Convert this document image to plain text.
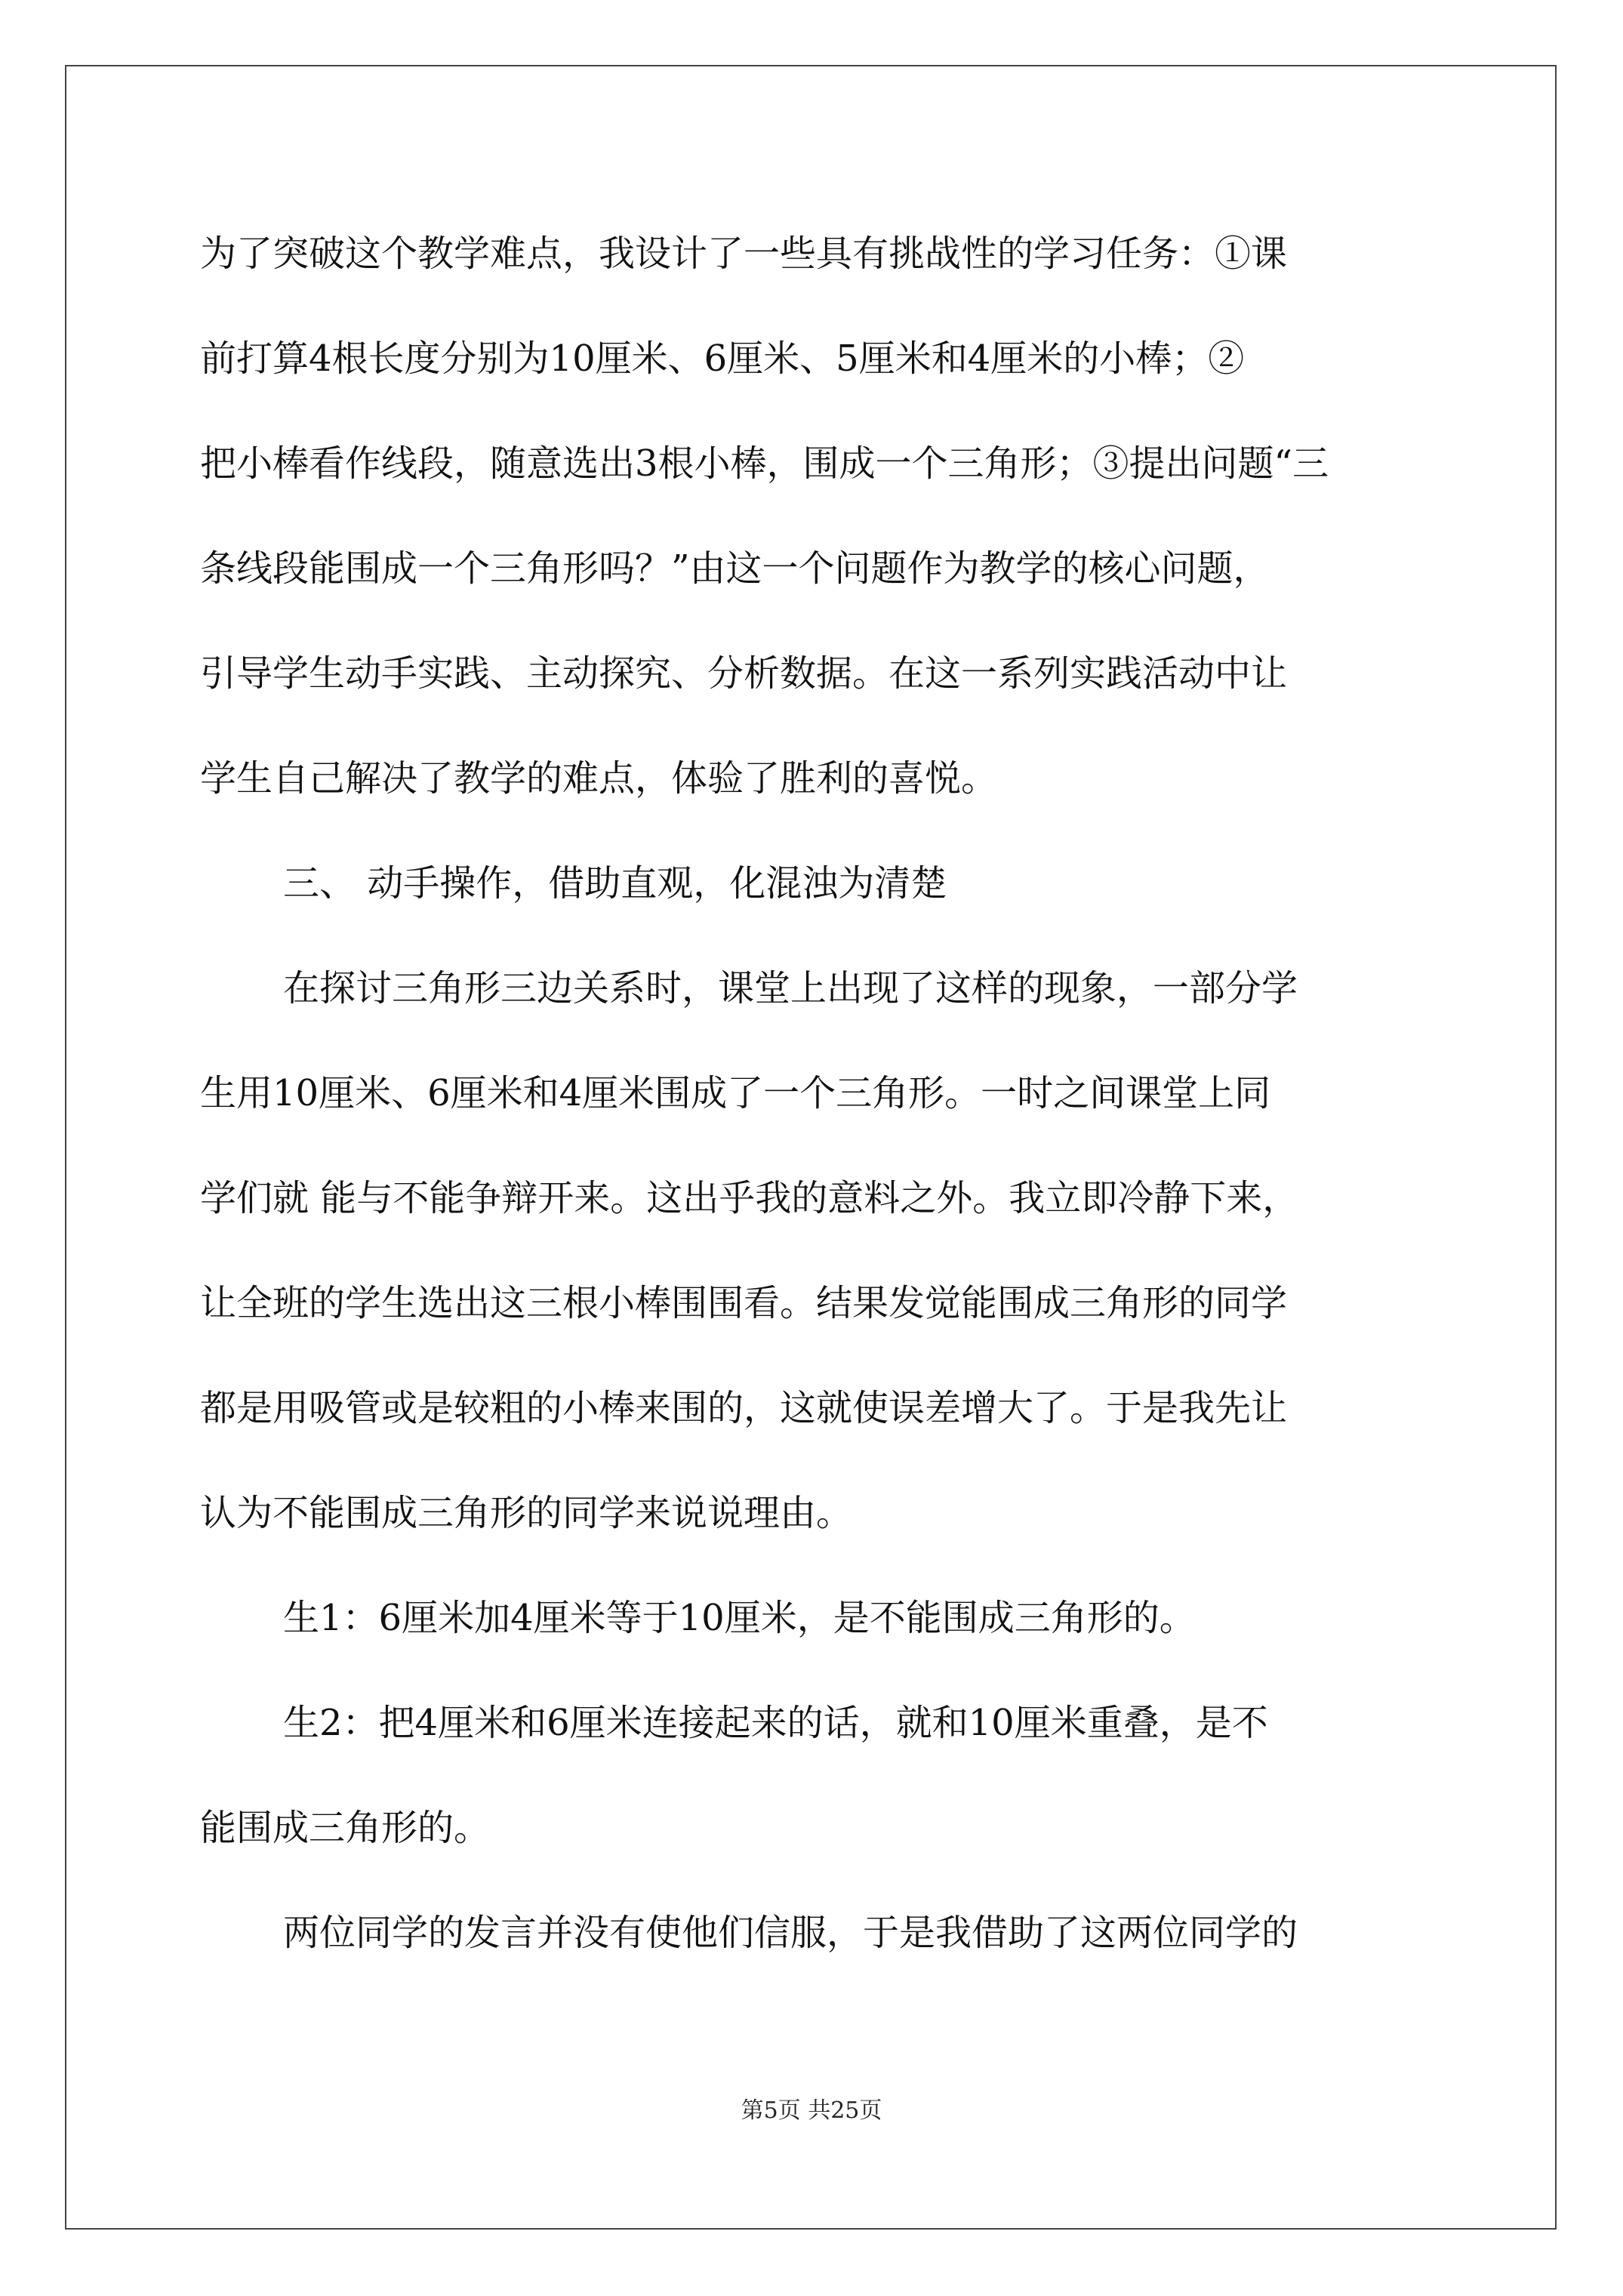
为了突破这个教学难点，我设计了一些具有挑战性的学习任务：①课
前打算4根长度分别为10厘米、6厘米、5厘米和4厘米的小棒；②
把小棒看作线段，随意选出3根小棒，围成一个三角形；③提出问题“三
条线段能围成一个三角形吗？”由这一个问题作为教学的核心问题，
引导学生动手实践、主动探究、分析数据。在这一系列实践活动中让
学生自己解决了教学的难点，体验了胜利的喜悦。
三、 动手操作，借助直观，化混浊为清楚
在探讨三角形三边关系时，课堂上出现了这样的现象，一部分学
生用10厘米、6厘米和4厘米围成了一个三角形。一时之间课堂上同
学们就 能与不能争辩开来。这出乎我的意料之外。我立即冷静下来，
让全班的学生选出这三根小棒围围看。结果发觉能围成三角形的同学
都是用吸管或是较粗的小棒来围的，这就使误差增大了。于是我先让
认为不能围成三角形的同学来说说理由。
生1：6厘米加4厘米等于10厘米，是不能围成三角形的。
生2：把4厘米和6厘米连接起来的话，就和10厘米重叠，是不
能围成三角形的。
两位同学的发言并没有使他们信服，于是我借助了这两位同学的
第5页 共25页
